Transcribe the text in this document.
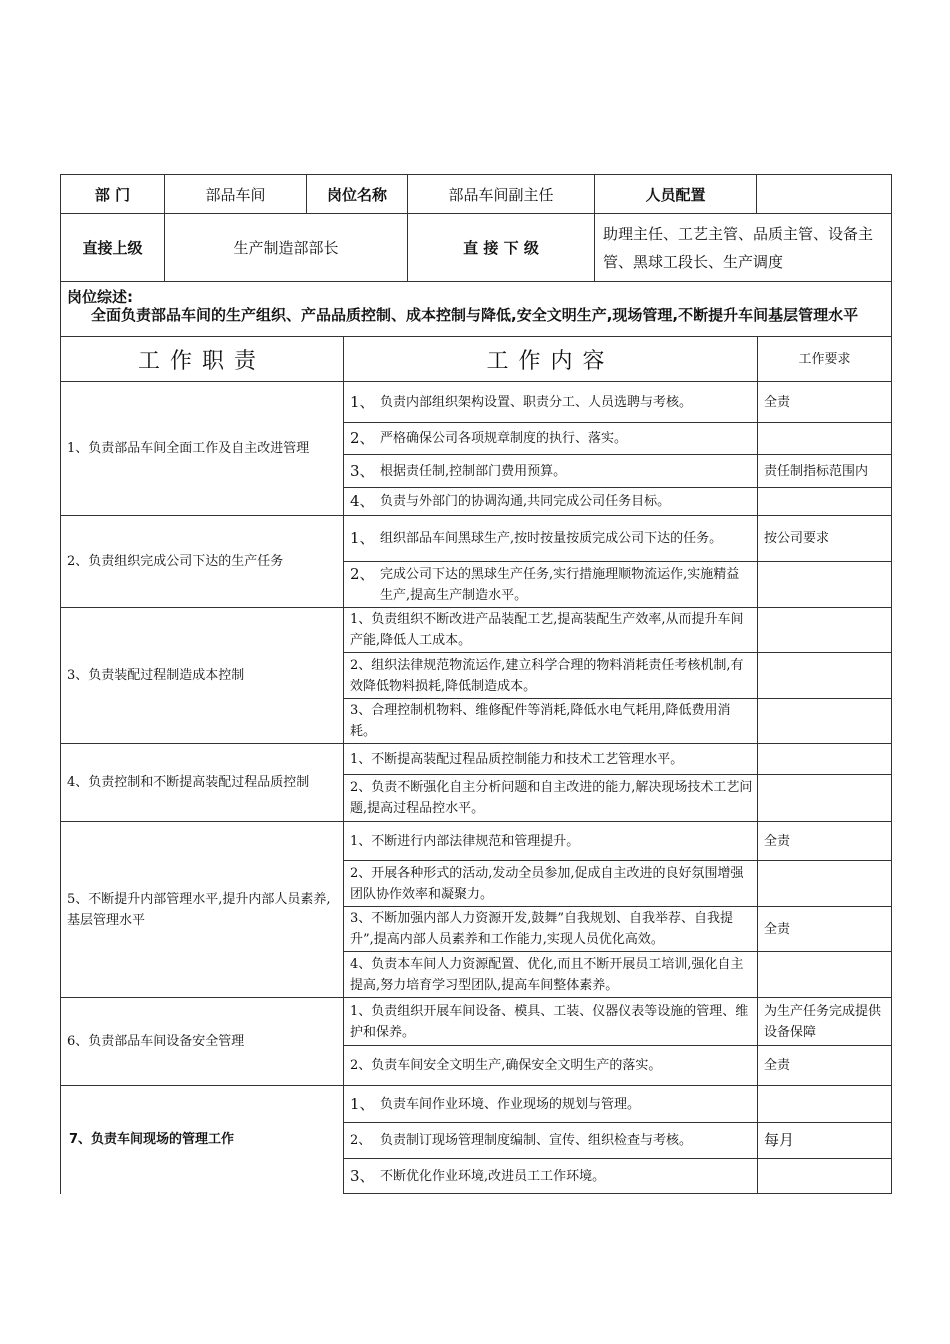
部 门	部品车间	岗位名称	部品车间副主任	人员配置	
直接上级	生产制造部部长		直 接 下 级	助理主任、工艺主管、品质主管、设备主管、黑球工段长、生产调度	

岗位综述:
全面负责部品车间的生产组织、产品品质控制、成本控制与降低,安全文明生产,现场管理,不断提升车间基层管理水平					
工作职责	工作内容	工作要求
1、负责部品车间全面工作及自主改进管理	1、 负责内部组织架构设置、职责分工、人员选聘与考核。	全责

	2、 严格确保公司各项规章制度的执行、落实。	

	3、 根据责任制,控制部门费用预算。	责任制指标范围内

	4、 负责与外部门的协调沟通,共同完成公司任务目标。	

2、负责组织完成公司下达的生产任务	1、 组织部品车间黑球生产,按时按量按质完成公司下达的任务。	按公司要求

	2、 完成公司下达的黑球生产任务,实行措施理顺物流运作,实施精益生产,提高生产制造水平。	

3、负责装配过程制造成本控制	1、负责组织不断改进产品装配工艺,提高装配生产效率,从而提升车间产能,降低人工成本。	
	2、组织法律规范物流运作,建立科学合理的物料消耗责任考核机制,有效降低物料损耗,降低制造成本。	
	3、合理控制机物料、维修配件等消耗,降低水电气耗用,降低费用消耗。	
4、负责控制和不断提高装配过程品质控制	1、不断提高装配过程品质控制能力和技术工艺管理水平。	
	2、负责不断强化自主分析问题和自主改进的能力,解决现场技术工艺问题,提高过程品控水平。	
5、不断提升内部管理水平,提升内部人员素养,基层管理水平	1、不断进行内部法律规范和管理提升。	全责
	2、开展各种形式的活动,发动全员参加,促成自主改进的良好氛围增强团队协作效率和凝聚力。	
	3、不断加强内部人力资源开发,鼓舞”自我规划、自我举荐、自我提升”,提高内部人员素养和工作能力,实现人员优化高效。	全责
	4、负责本车间人力资源配置、优化,而且不断开展员工培训,强化自主提高,努力培育学习型团队,提高车间整体素养。	
6、负责部品车间设备安全管理	1、负责组织开展车间设备、模具、工装、仪器仪表等设施的管理、维护和保养。	为生产任务完成提供设备保障
	2、负责车间安全文明生产,确保安全文明生产的落实。	全责
7、负责车间现场的管理工作	1、 负责车间作业环境、作业现场的规划与管理。	

	2、 负责制订现场管理制度编制、宣传、组织检查与考核。	每月

	3、 不断优化作业环境,改进员工工作环境。	
